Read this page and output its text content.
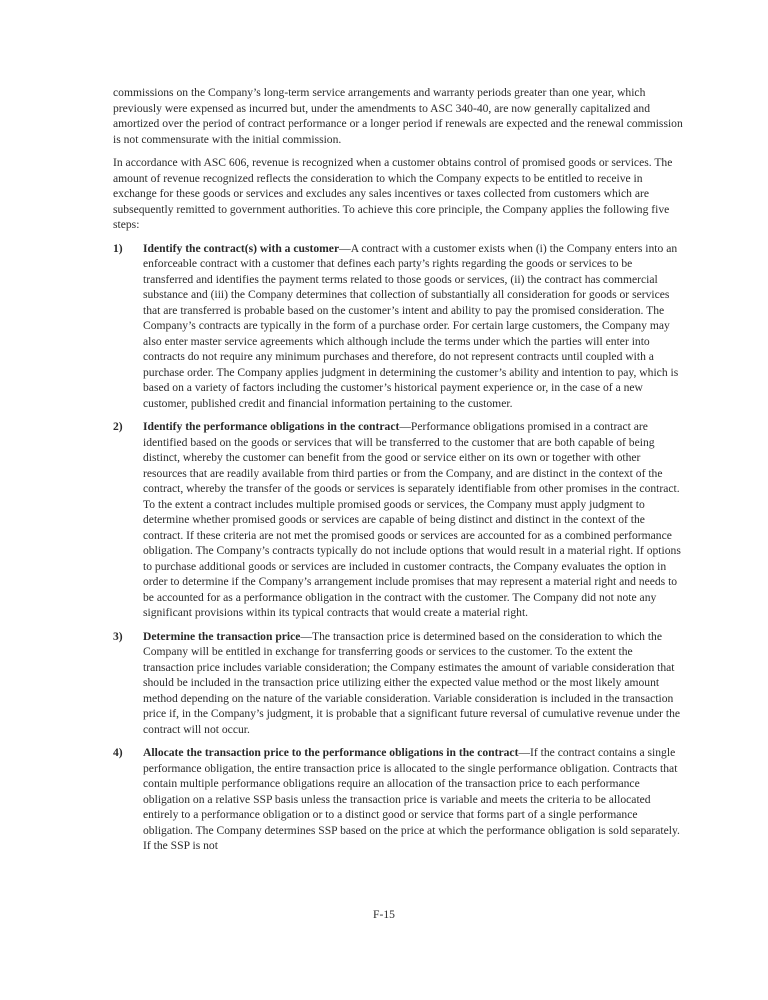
commissions on the Company’s long-term service arrangements and warranty periods greater than one year, which previously were expensed as incurred but, under the amendments to ASC 340-40, are now generally capitalized and amortized over the period of contract performance or a longer period if renewals are expected and the renewal commission is not commensurate with the initial commission.

In accordance with ASC 606, revenue is recognized when a customer obtains control of promised goods or services. The amount of revenue recognized reflects the consideration to which the Company expects to be entitled to receive in exchange for these goods or services and excludes any sales incentives or taxes collected from customers which are subsequently remitted to government authorities. To achieve this core principle, the Company applies the following five steps:

1)	Identify the contract(s) with a customer—A contract with a customer exists when (i) the Company enters into an enforceable contract with a customer that defines each party’s rights regarding the goods or services to be transferred and identifies the payment terms related to those goods or services, (ii) the contract has commercial substance and (iii) the Company determines that collection of substantially all consideration for goods or services that are transferred is probable based on the customer’s intent and ability to pay the promised consideration. The Company’s contracts are typically in the form of a purchase order. For certain large customers, the Company may also enter master service agreements which although include the terms under which the parties will enter into contracts do not require any minimum purchases and therefore, do not represent contracts until coupled with a purchase order. The Company applies judgment in determining the customer’s ability and intention to pay, which is based on a variety of factors including the customer’s historical payment experience or, in the case of a new customer, published credit and financial information pertaining to the customer.
2)	Identify the performance obligations in the contract—Performance obligations promised in a contract are identified based on the goods or services that will be transferred to the customer that are both capable of being distinct, whereby the customer can benefit from the good or service either on its own or together with other resources that are readily available from third parties or from the Company, and are distinct in the context of the contract, whereby the transfer of the goods or services is separately identifiable from other promises in the contract. To the extent a contract includes multiple promised goods or services, the Company must apply judgment to determine whether promised goods or services are capable of being distinct and distinct in the context of the contract. If these criteria are not met the promised goods or services are accounted for as a combined performance obligation. The Company’s contracts typically do not include options that would result in a material right. If options to purchase additional goods or services are included in customer contracts, the Company evaluates the option in order to determine if the Company’s arrangement include promises that may represent a material right and needs to be accounted for as a performance obligation in the contract with the customer. The Company did not note any significant provisions within its typical contracts that would create a material right.
3)	Determine the transaction price—The transaction price is determined based on the consideration to which the Company will be entitled in exchange for transferring goods or services to the customer. To the extent the transaction price includes variable consideration; the Company estimates the amount of variable consideration that should be included in the transaction price utilizing either the expected value method or the most likely amount method depending on the nature of the variable consideration. Variable consideration is included in the transaction price if, in the Company’s judgment, it is probable that a significant future reversal of cumulative revenue under the contract will not occur.
4)	Allocate the transaction price to the performance obligations in the contract—If the contract contains a single performance obligation, the entire transaction price is allocated to the single performance obligation. Contracts that contain multiple performance obligations require an allocation of the transaction price to each performance obligation on a relative SSP basis unless the transaction price is variable and meets the criteria to be allocated entirely to a performance obligation or to a distinct good or service that forms part of a single performance obligation. The Company determines SSP based on the price at which the performance obligation is sold separately. If the SSP is not
F-15
